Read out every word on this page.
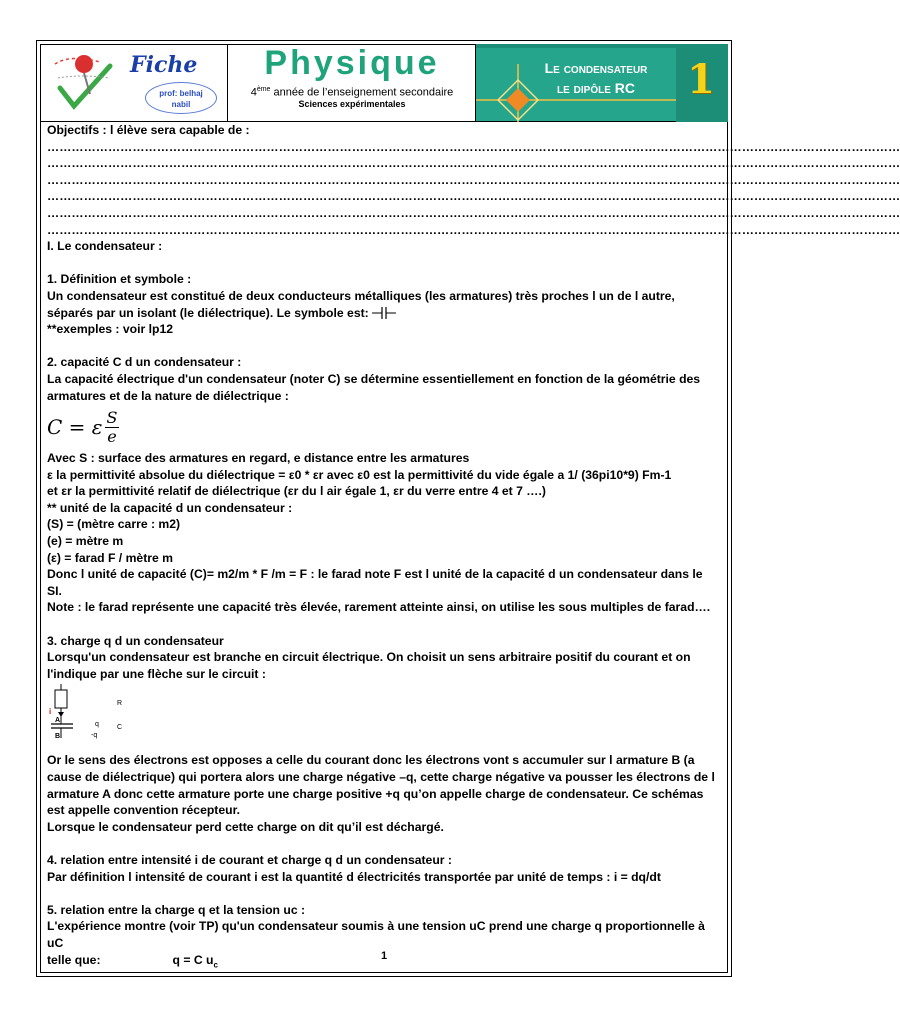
Fiche
prof: belhaj
nabil
Physique
4ème année de l’enseignement secondaire
Sciences expérimentales
Le condensateur
le dipôle RC	1

Objectifs : l élève sera capable de :

…………………………………………………………………………………………………………………………………………………………………………………………
…………………………………………………………………………………………………………………………………………………………………………………………
…………………………………………………………………………………………………………………………………………………………………………………………
…………………………………………………………………………………………………………………………………………………………………………………………
…………………………………………………………………………………………………………………………………………………………………………………………
…………………………………………………………………………………………………………………………………………………………………………………………

I. Le condensateur :

1. Définition et symbole :

Un condensateur est constitué de deux conducteurs métalliques (les armatures) très proches l un de l autre, séparés par un isolant (le diélectrique). Le symbole est:

**exemples : voir lp12

2. capacité C d un condensateur :

La capacité électrique d'un condensateur (noter C) se détermine essentiellement en fonction de la géométrie des armatures et de la nature de diélectrique :

C = ε $\frac{S}{e}$

Avec S : surface des armatures en regard, e distance entre les armatures

ε la permittivité absolue du diélectrique = ε0 * εr avec ε0 est la permittivité du vide égale a 1/ (36pi10*9) Fm-1

et εr la permittivité relatif de diélectrique (εr du l air égale 1, εr du verre entre 4 et 7 ….)

** unité de la capacité d un condensateur :

(S) = (mètre carre : m2)

(e) = mètre m

(ε) = farad F / mètre m

Donc l unité de capacité (C)= m2/m * F /m = F : le farad note F est l unité de la capacité d un condensateur dans le SI.

Note : le farad représente une capacité très élevée, rarement atteinte ainsi, on utilise les sous multiples de farad….

3. charge q d un condensateur

Lorsqu'un condensateur est branche en circuit électrique. On choisit un sens arbitraire positif du courant et on l'indique par une flèche sur le circuit :

i
A
B
q
-q
R
C

Or le sens des électrons est opposes a celle du courant donc les électrons vont s accumuler sur l armature B (a cause de diélectrique) qui portera alors une charge négative –q, cette charge négative va pousser les électrons de l armature A donc cette armature porte une charge positive +q qu’on appelle charge de condensateur. Ce schémas est appelle convention récepteur.

Lorsque le condensateur perd cette charge on dit qu’il est déchargé.

4. relation entre intensité i de courant et charge q d un condensateur :

Par définition l intensité de courant i est la quantité d électricités transportée par unité de temps : i = dq/dt

5. relation entre la charge q et la tension uc :

L'expérience montre (voir TP) qu'un condensateur soumis à une tension uC prend une charge q proportionnelle à uC

telle que:	q = C $u_c$

1
